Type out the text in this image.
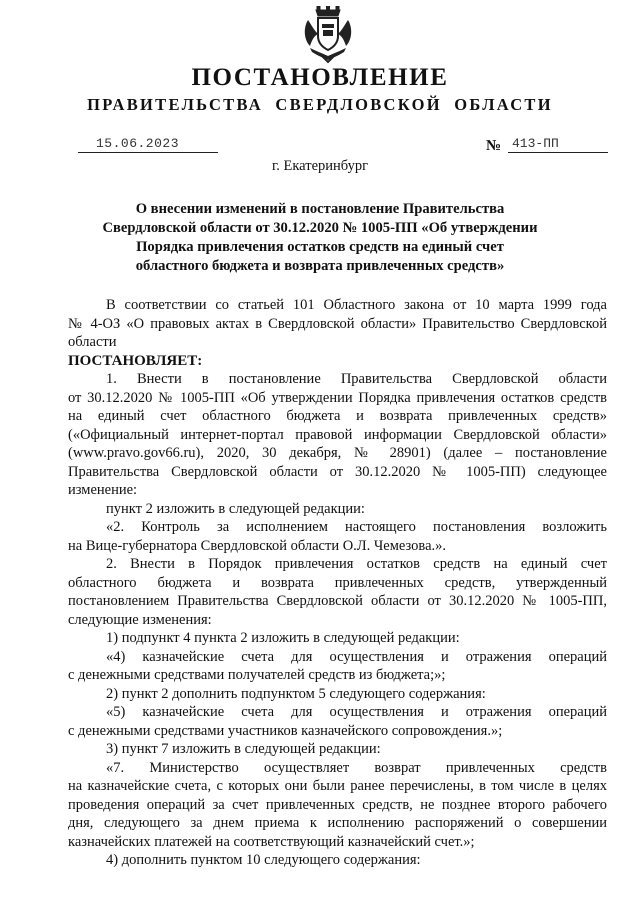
ПОСТАНОВЛЕНИЕ
ПРАВИТЕЛЬСТВА СВЕРДЛОВСКОЙ ОБЛАСТИ
15.06.2023	№ 413-ПП
г. Екатеринбург
О внесении изменений в постановление Правительства
Свердловской области от 30.12.2020 № 1005-ПП «Об утверждении
Порядка привлечения остатков средств на единый счет
областного бюджета и возврата привлеченных средств»
В соответствии со статьей 101 Областного закона от 10 марта 1999 года
№ 4-ОЗ «О правовых актах в Свердловской области» Правительство Свердловской
области
ПОСТАНОВЛЯЕТ:
1. Внести в постановление Правительства Свердловской области
от 30.12.2020 № 1005-ПП «Об утверждении Порядка привлечения остатков средств
на единый счет областного бюджета и возврата привлеченных средств»
(«Официальный интернет-портал правовой информации Свердловской области»
(www.pravo.gov66.ru), 2020, 30 декабря, № 28901) (далее – постановление
Правительства Свердловской области от 30.12.2020 № 1005-ПП) следующее
изменение:
пункт 2 изложить в следующей редакции:
«2. Контроль за исполнением настоящего постановления возложить
на Вице-губернатора Свердловской области О.Л. Чемезова.».
2. Внести в Порядок привлечения остатков средств на единый счет
областного бюджета и возврата привлеченных средств, утвержденный
постановлением Правительства Свердловской области от 30.12.2020 № 1005-ПП,
следующие изменения:
1) подпункт 4 пункта 2 изложить в следующей редакции:
«4) казначейские счета для осуществления и отражения операций
с денежными средствами получателей средств из бюджета;»;
2) пункт 2 дополнить подпунктом 5 следующего содержания:
«5) казначейские счета для осуществления и отражения операций
с денежными средствами участников казначейского сопровождения.»;
3) пункт 7 изложить в следующей редакции:
«7. Министерство осуществляет возврат привлеченных средств
на казначейские счета, с которых они были ранее перечислены, в том числе в целях
проведения операций за счет привлеченных средств, не позднее второго рабочего
дня, следующего за днем приема к исполнению распоряжений о совершении
казначейских платежей на соответствующий казначейский счет.»;
4) дополнить пунктом 10 следующего содержания:
